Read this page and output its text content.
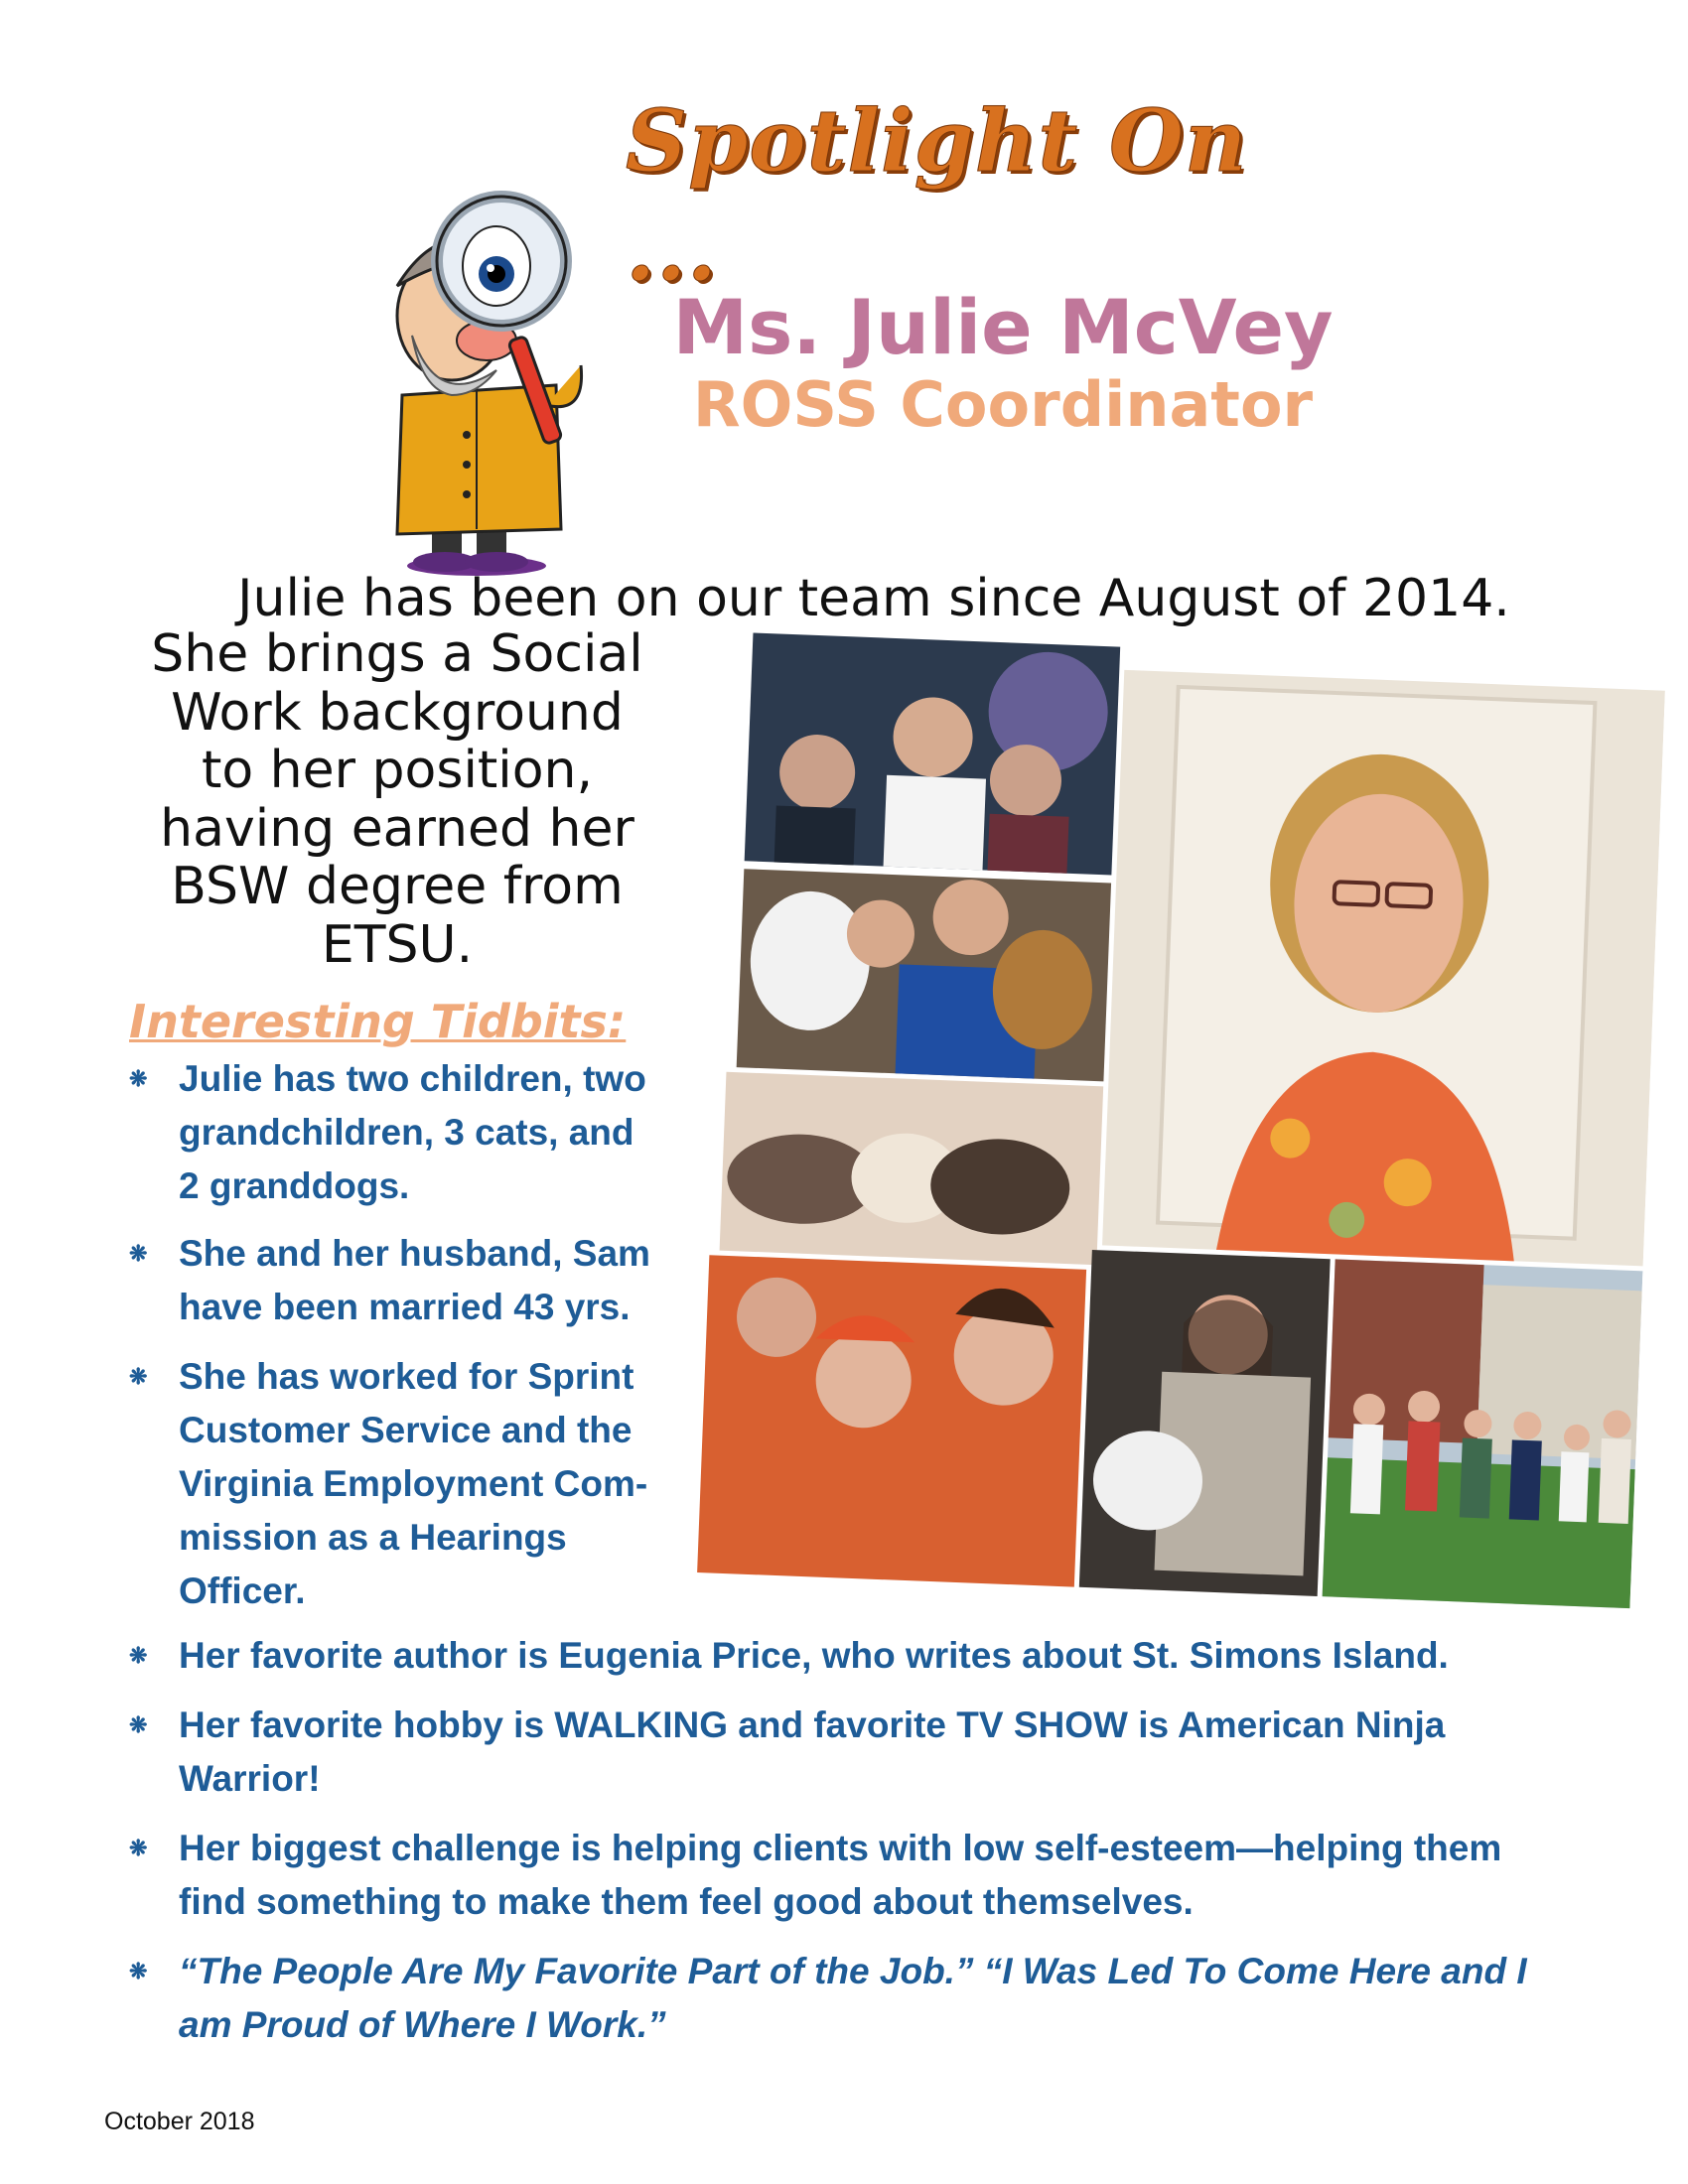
Spotlight On ...
Ms. Julie McVey
ROSS Coordinator
Julie has been on our team since August of 2014.
She brings a Social
Work background
to her position,
having earned her
BSW degree from
ETSU.
Interesting Tidbits:
❋ Julie has two children, two
grandchildren, 3 cats, and
2 granddogs.
❋ She and her husband, Sam
have been married 43 yrs.
❋ She has worked for Sprint
Customer Service and the
Virginia Employment Com-
mission as a Hearings
Officer.
❋ Her favorite author is Eugenia Price, who writes about St. Simons Island.
❋ Her favorite hobby is WALKING and favorite TV SHOW is American Ninja
Warrior!
❋ Her biggest challenge is helping clients with low self-esteem—helping them
find something to make them feel good about themselves.
❋ “The People Are My Favorite Part of the Job.” “I Was Led To Come Here and I
am Proud of Where I Work.”
October 2018
